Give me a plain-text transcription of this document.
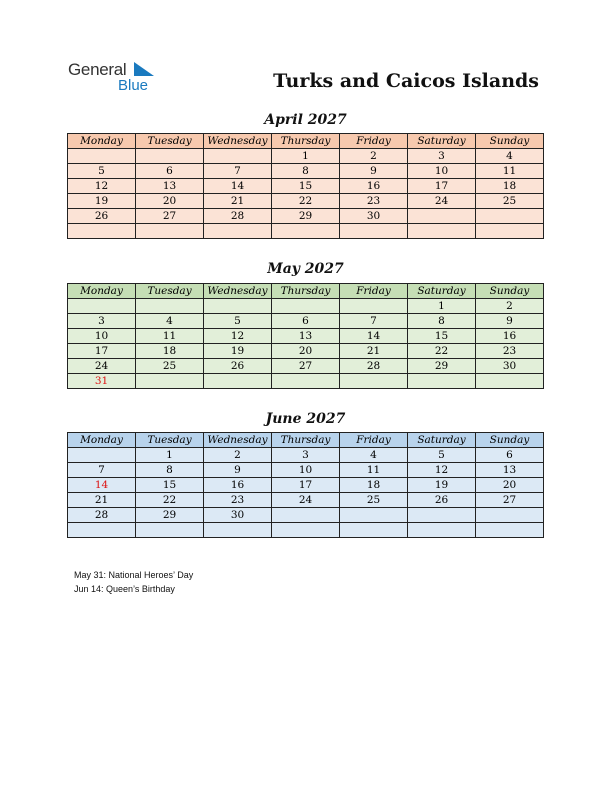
General
Blue	Turks and Caicos Islands
April 2027
Monday	Tuesday	Wednesday	Thursday	Friday	Saturday	Sunday
			1	2	3	4
5	6	7	8	9	10	11
12	13	14	15	16	17	18
19	20	21	22	23	24	25
26	27	28	29	30		

May 2027
Monday	Tuesday	Wednesday	Thursday	Friday	Saturday	Sunday
					1	2
3	4	5	6	7	8	9
10	11	12	13	14	15	16
17	18	19	20	21	22	23
24	25	26	27	28	29	30
31						
June 2027
Monday	Tuesday	Wednesday	Thursday	Friday	Saturday	Sunday
	1	2	3	4	5	6
7	8	9	10	11	12	13
14	15	16	17	18	19	20
21	22	23	24	25	26	27
28	29	30				

May 31: National Heroes’ Day
Jun 14: Queen’s Birthday
